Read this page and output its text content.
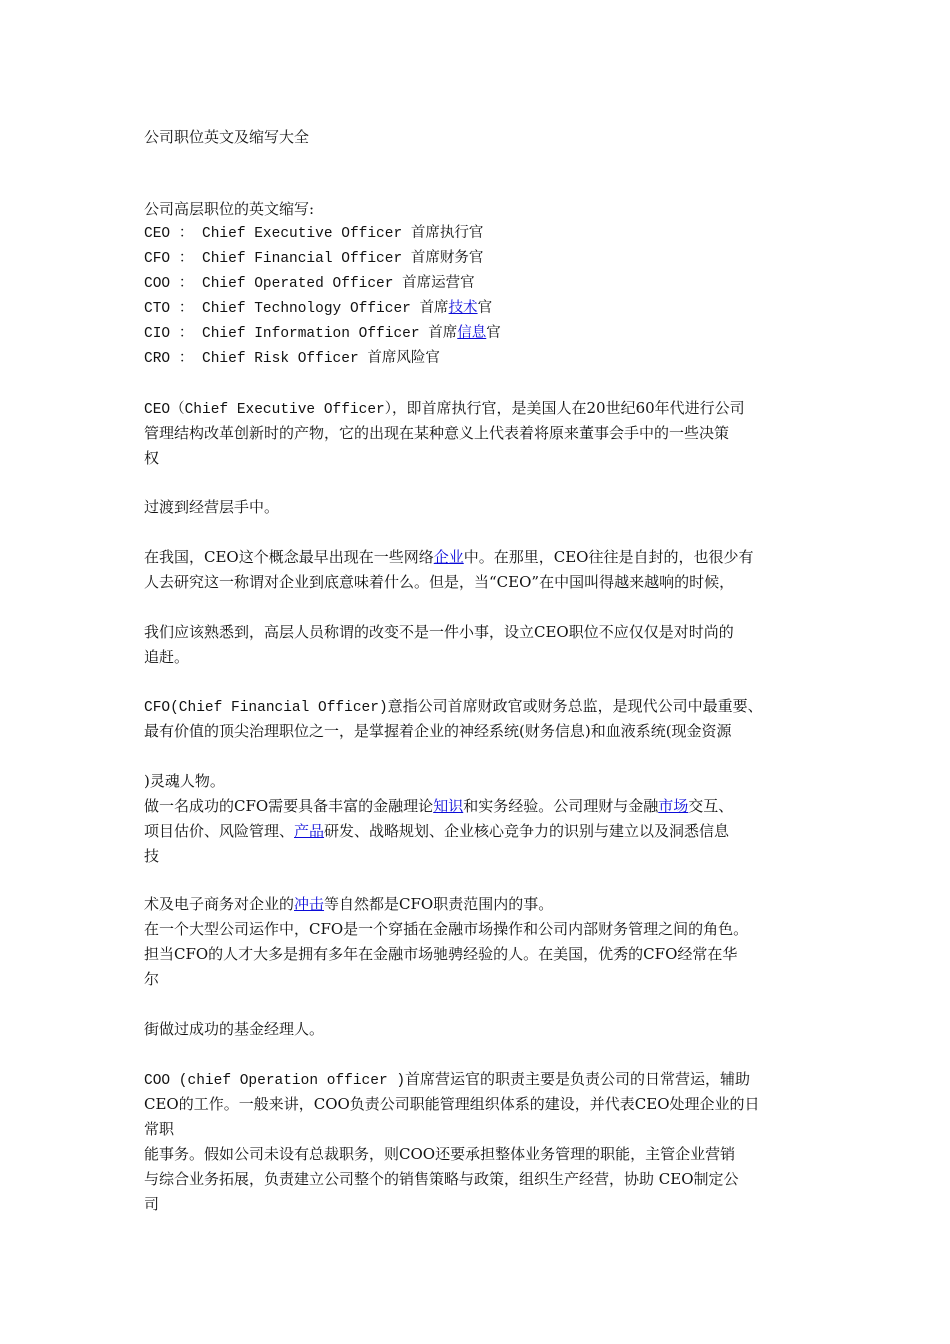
公司职位英文及缩写大全
公司高层职位的英文缩写:
CEO ： Chief Executive Officer 首席执行官
CFO ： Chief Financial Officer 首席财务官
COO ： Chief Operated Officer 首席运营官
CTO ： Chief Technology Officer 首席技术官
CIO ： Chief Information Officer 首席信息官
CRO ： Chief Risk Officer 首席风险官
CEO（Chief Executive Officer），即首席执行官，是美国人在20世纪60年代进行公司
管理结构改革创新时的产物，它的出现在某种意义上代表着将原来董事会手中的一些决策
权
过渡到经营层手中。
在我国，CEO这个概念最早出现在一些网络企业中。在那里，CEO往往是自封的，也很少有
人去研究这一称谓对企业到底意味着什么。但是，当“CEO”在中国叫得越来越响的时候，
我们应该熟悉到，高层人员称谓的改变不是一件小事，设立CEO职位不应仅仅是对时尚的
追赶。
CFO(Chief Financial Officer)意指公司首席财政官或财务总监，是现代公司中最重要、
最有价值的顶尖治理职位之一，是掌握着企业的神经系统(财务信息)和血液系统(现金资源
)灵魂人物。
做一名成功的CFO需要具备丰富的金融理论知识和实务经验。公司理财与金融市场交互、
项目估价、风险管理、产品研发、战略规划、企业核心竞争力的识别与建立以及洞悉信息
技
术及电子商务对企业的冲击等自然都是CFO职责范围内的事。
在一个大型公司运作中，CFO是一个穿插在金融市场操作和公司内部财务管理之间的角色。
担当CFO的人才大多是拥有多年在金融市场驰骋经验的人。在美国，优秀的CFO经常在华
尔
街做过成功的基金经理人。
COO (chief Operation officer )首席营运官的职责主要是负责公司的日常营运，辅助
CEO的工作。一般来讲，COO负责公司职能管理组织体系的建设，并代表CEO处理企业的日
常职
能事务。假如公司未设有总裁职务，则COO还要承担整体业务管理的职能，主管企业营销
与综合业务拓展，负责建立公司整个的销售策略与政策，组织生产经营，协助 CEO制定公
司
